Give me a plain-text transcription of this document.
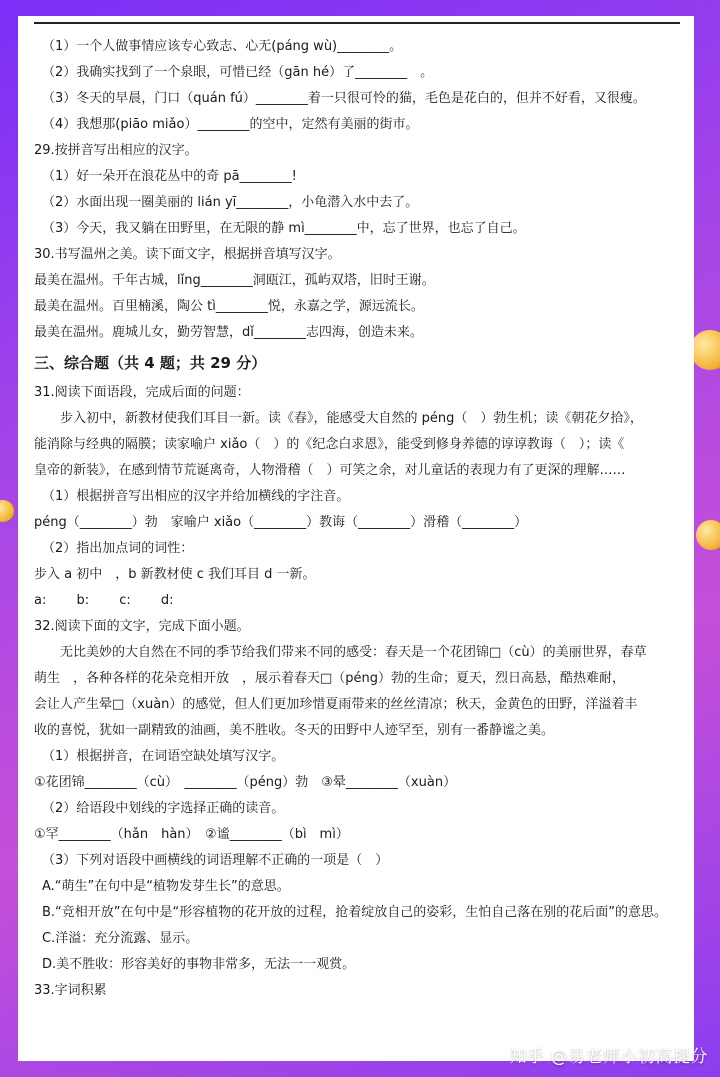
（1）一个人做事情应该专心致志、心无(páng wù)________。
（2）我确实找到了一个泉眼，可惜已经（gān hé）了________　。
（3）冬天的早晨，门口（quán fú）________着一只很可怜的猫，毛色是花白的，但并不好看，又很瘦。
（4）我想那(piāo miǎo）________的空中，定然有美丽的街市。
29.按拼音写出相应的汉字。
（1）好一朵开在浪花丛中的奇 pā________!
（2）水面出现一圈美丽的 lián yī________，小龟潜入水中去了。
（3）今天，我又躺在田野里，在无限的静 mì________中，忘了世界，也忘了自己。
30.书写温州之美。读下面文字，根据拼音填写汉字。
最美在温州。千年古城，lǐng________洞瓯江，孤屿双塔，旧时王谢。
最美在温州。百里楠溪，陶公 tì________悦，永嘉之学，源远流长。
最美在温州。鹿城儿女，勤劳智慧，dǐ________志四海，创造未来。
三、综合题（共 4 题；共 29 分）
31.阅读下面语段，完成后面的问题：
步入初中，新教材使我们耳目一新。读《春》，能感受大自然的 péng（　）勃生机；读《朝花夕拾》，
能消除与经典的隔膜；读家喻户 xiǎo（　）的《纪念白求恩》，能受到修身养德的谆谆教诲（　）；读《
皇帝的新装》，在感到情节荒诞离奇，人物滑稽（　）可笑之余，对儿童话的表现力有了更深的理解……
（1）根据拼音写出相应的汉字并给加横线的字注音。
péng（________）勃　家喻户 xiǎo（________）教诲（________）滑稽（________）
（2）指出加点词的词性：
步入 a 初中　，b 新教材使 c 我们耳目 d 一新。
a:　　 b:　　 c:　　 d:
32.阅读下面的文字，完成下面小题。
无比美妙的大自然在不同的季节给我们带来不同的感受：春天是一个花团锦□（cù）的美丽世界，春草
萌生　，各种各样的花朵竞相开放　，展示着春天□（péng）勃的生命；夏天，烈日高悬，酷热难耐，
会让人产生晕□（xuàn）的感觉，但人们更加珍惜夏雨带来的丝丝清凉；秋天，金黄色的田野，洋溢着丰
收的喜悦，犹如一副精致的油画，美不胜收。冬天的田野中人迹罕至，别有一番静谧之美。
（1）根据拼音，在词语空缺处填写汉字。
①花团锦________（cù）　________（péng）勃　③晕________（xuàn）
（2）给语段中划线的字选择正确的读音。
①罕________（hǎn　hàn）　②谧________（bì　mì）
（3）下列对语段中画横线的词语理解不正确的一项是（　）
A.“萌生”在句中是“植物发芽生长”的意思。
B.“竞相开放”在句中是“形容植物的花开放的过程，抢着绽放自己的姿彩，生怕自己落在别的花后面”的意思。
C.洋溢：充分流露、显示。
D.美不胜收：形容美好的事物非常多，无法一一观赏。
33.字词积累
知乎 @易老师小初高提分
